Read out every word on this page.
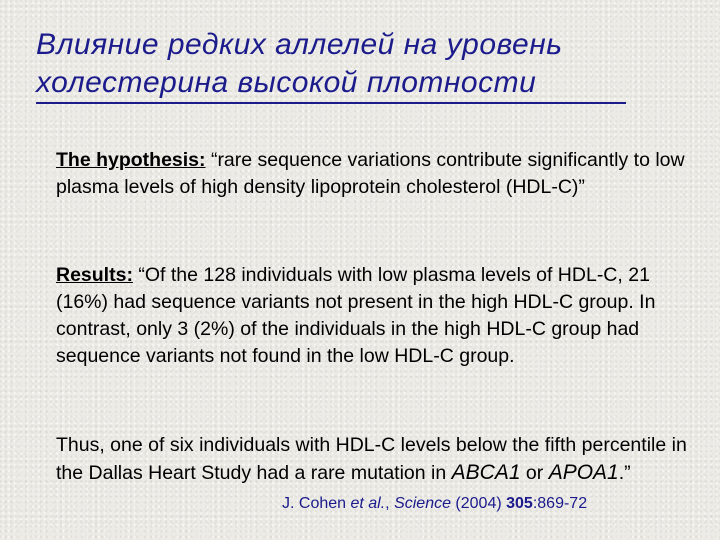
Влияние редких аллелей на уровень
холестерина высокой плотности

The hypothesis: “rare sequence variations contribute significantly to low plasma levels of high density lipoprotein cholesterol (HDL-C)”

Results: “Of the 128 individuals with low plasma levels of HDL-C, 21 (16%) had sequence variants not present in the high HDL-C group. In contrast, only 3 (2%) of the individuals in the high HDL-C group had sequence variants not found in the low HDL-C group.

Thus, one of six individuals with HDL-C levels below the fifth percentile in the Dallas Heart Study had a rare mutation in ABCA1 or APOA1.”

J. Cohen et al., Science (2004) 305:869-72
